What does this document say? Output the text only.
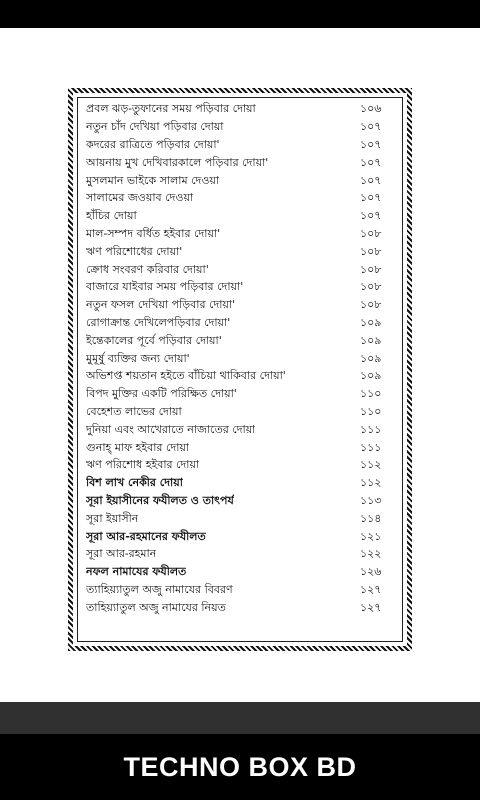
প্রবল ঝড়-তুফানের সময় পড়িবার দোয়া	১০৬
নতুন চাঁদ দেখিয়া পড়িবার দোয়া	১০৭
কদরের রাত্রিতে পড়িবার দোয়া'	১০৭
আয়নায় মুখ দেখিবারকালে পড়িবার দোয়া'	১০৭
মুসলমান ভাইকে সালাম দেওয়া	১০৭
সালামের জওয়াব দেওয়া	১০৭
হাঁচির দোয়া	১০৭
মাল-সম্পদ বর্ধিত হইবার দোয়া'	১০৮
ঋণ পরিশোধের দোয়া'	১০৮
ক্রোধ সংবরণ করিবার দোয়া'	১০৮
বাজারে যাইবার সময় পড়িবার দোয়া'	১০৮
নতুন ফসল দেখিয়া পড়িবার দোয়া'	১০৮
রোগাক্রান্ত দেখিলেপড়িবার দোয়া'	১০৯
ইন্তেকালের পূর্বে পড়িবার দোয়া'	১০৯
মুমূর্ষু ব্যক্তির জন্য দোয়া'	১০৯
অভিশপ্ত শয়তান হইতে বাঁচিয়া থাকিবার দোয়া'	১০৯
বিপদ মুক্তির একটি পরিক্ষিত দোয়া'	১১০
বেহেশত লাভের দোয়া	১১০
দুনিয়া এবং আখেরাতে নাজাতের দোয়া	১১১
গুনাহ্‌ মাফ হইবার দোয়া	১১১
ঋণ পরিশোধ হইবার দোয়া	১১২
বিশ লাখ নেকীর দোয়া	১১২
সূরা ইয়াসীনের ফযীলত ও তাৎপর্য	১১৩
সূরা ইয়াসীন	১১৪
সূরা আর-রহমানের ফযীলত	১২১
সূরা আর-রহমান	১২২
নফল নামাযের ফযীলত	১২৬
ত্যাহিয়্যাতুল অজু নামাযের বিবরণ	১২৭
তাহিয়্যাতুল অজু নামাযের নিয়ত	১২৭
TECHNO BOX BD
